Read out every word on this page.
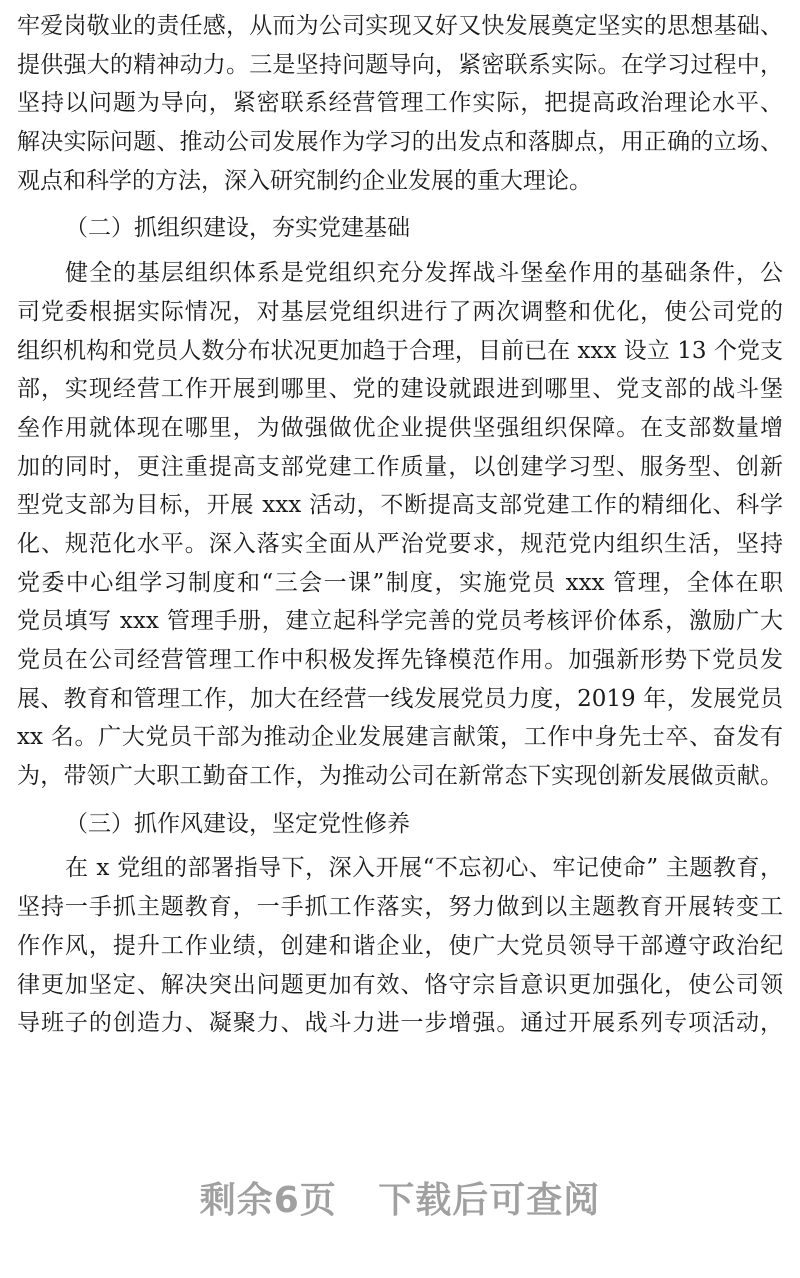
牢爱岗敬业的责任感，从而为公司实现又好又快发展奠定坚实的思想基础、
提供强大的精神动力。三是坚持问题导向，紧密联系实际。在学习过程中，
坚持以问题为导向，紧密联系经营管理工作实际，把提高政治理论水平、
解决实际问题、推动公司发展作为学习的出发点和落脚点，用正确的立场、
观点和科学的方法，深入研究制约企业发展的重大理论。
（二）抓组织建设，夯实党建基础
健全的基层组织体系是党组织充分发挥战斗堡垒作用的基础条件，公
司党委根据实际情况，对基层党组织进行了两次调整和优化，使公司党的
组织机构和党员人数分布状况更加趋于合理，目前已在 xxx 设立 13 个党支
部，实现经营工作开展到哪里、党的建设就跟进到哪里、党支部的战斗堡
垒作用就体现在哪里，为做强做优企业提供坚强组织保障。在支部数量增
加的同时，更注重提高支部党建工作质量，以创建学习型、服务型、创新
型党支部为目标，开展 xxx 活动，不断提高支部党建工作的精细化、科学
化、规范化水平。深入落实全面从严治党要求，规范党内组织生活，坚持
党委中心组学习制度和“三会一课”制度，实施党员 xxx 管理，全体在职
党员填写 xxx 管理手册，建立起科学完善的党员考核评价体系，激励广大
党员在公司经营管理工作中积极发挥先锋模范作用。加强新形势下党员发
展、教育和管理工作，加大在经营一线发展党员力度，2019 年，发展党员
xx 名。广大党员干部为推动企业发展建言献策，工作中身先士卒、奋发有
为，带领广大职工勤奋工作，为推动公司在新常态下实现创新发展做贡献。
（三）抓作风建设，坚定党性修养
在 x 党组的部署指导下，深入开展“不忘初心、牢记使命” 主题教育，
坚持一手抓主题教育，一手抓工作落实，努力做到以主题教育开展转变工
作作风，提升工作业绩，创建和谐企业，使广大党员领导干部遵守政治纪
律更加坚定、解决突出问题更加有效、恪守宗旨意识更加强化，使公司领
导班子的创造力、凝聚力、战斗力进一步增强。通过开展系列专项活动，
剩余6页 下载后可查阅
